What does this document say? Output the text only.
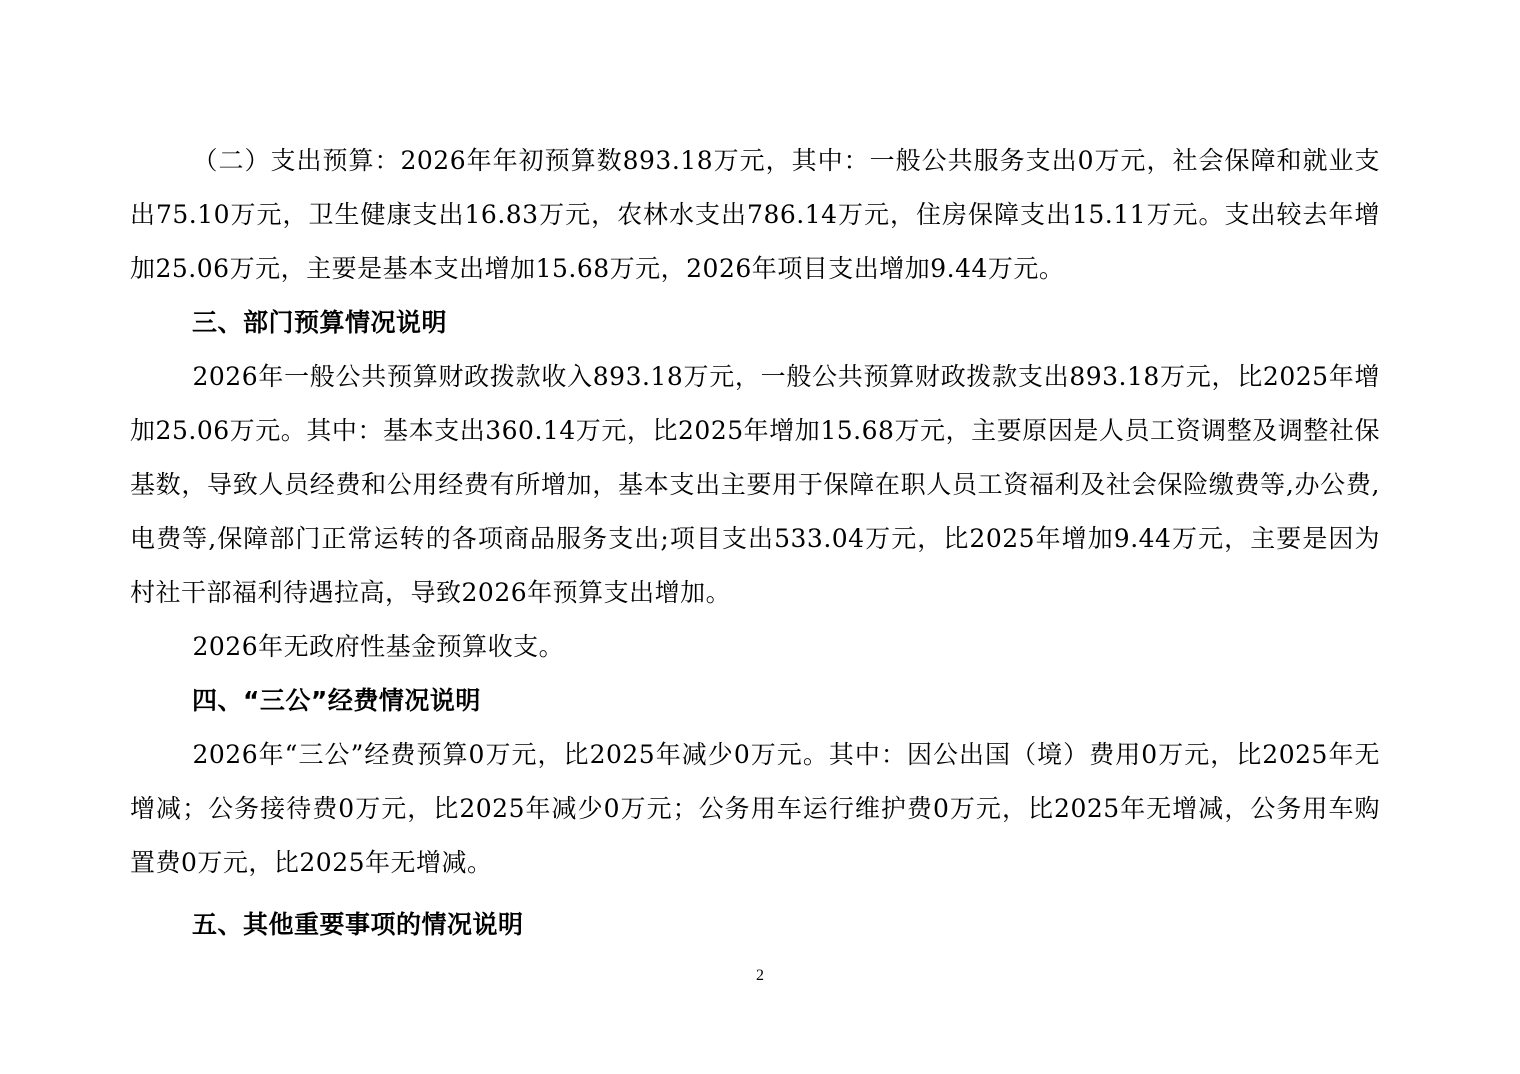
（二）支出预算：2026年年初预算数893.18万元，其中：一般公共服务支出0万元，社会保障和就业支出75.10万元，卫生健康支出16.83万元，农林水支出786.14万元，住房保障支出15.11万元。支出较去年增加25.06万元，主要是基本支出增加15.68万元，2026年项目支出增加9.44万元。

三、部门预算情况说明

2026年一般公共预算财政拨款收入893.18万元，一般公共预算财政拨款支出893.18万元，比2025年增加25.06万元。其中：基本支出360.14万元，比2025年增加15.68万元，主要原因是人员工资调整及调整社保基数，导致人员经费和公用经费有所增加，基本支出主要用于保障在职人员工资福利及社会保险缴费等,办公费,电费等,保障部门正常运转的各项商品服务支出;项目支出533.04万元，比2025年增加9.44万元，主要是因为村社干部福利待遇拉高，导致2026年预算支出增加。

2026年无政府性基金预算收支。

四、“三公”经费情况说明

2026年“三公”经费预算0万元，比2025年减少0万元。其中：因公出国（境）费用0万元，比2025年无增减；公务接待费0万元，比2025年减少0万元；公务用车运行维护费0万元，比2025年无增减，公务用车购置费0万元，比2025年无增减。

五、其他重要事项的情况说明

2
